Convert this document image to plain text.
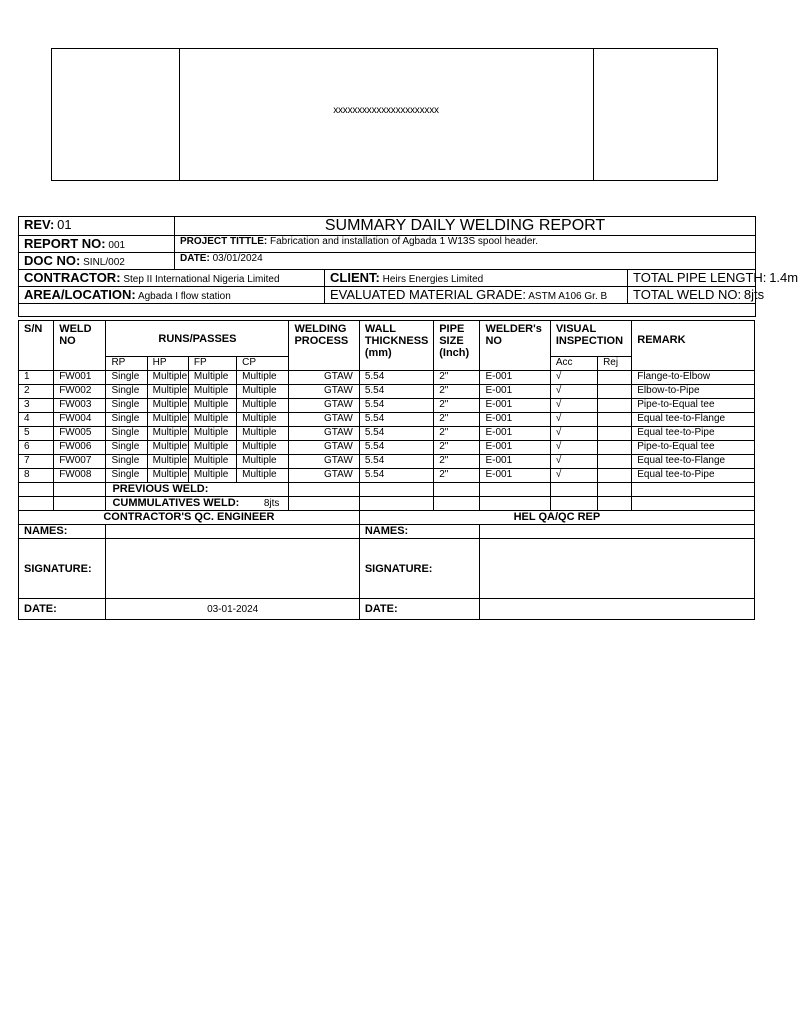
xxxxxxxxxxxxxxxxxxxxxx
REV: 01	SUMMARY DAILY WELDING REPORT		
REPORT NO: 001	PROJECT TITTLE: Fabrication and installation of Agbada 1 W13S spool header.		
DOC NO: SINL/002	DATE: 03/01/2024		
CONTRACTOR: Step II International Nigeria Limited		CLIENT: Heirs Energies Limited	TOTAL PIPE LENGTH: 1.4m
AREA/LOCATION: Agbada I flow station		EVALUATED MATERIAL GRADE: ASTM A106 Gr. B	TOTAL WELD NO: 8jts

S/N	WELD NO	RUNS/PASSES				WELDING PROCESS	WALL THICKNESS (mm)	PIPE SIZE (Inch)	WELDER's NO	VISUAL INSPECTION		REMARK
		RP	HP	FP	CP					Acc	Rej	
1	FW001	Single	Multiple	Multiple	Multiple	GTAW	5.54	2"	E-001	√		Flange-to-Elbow
2	FW002	Single	Multiple	Multiple	Multiple	GTAW	5.54	2"	E-001	√		Elbow-to-Pipe
3	FW003	Single	Multiple	Multiple	Multiple	GTAW	5.54	2"	E-001	√		Pipe-to-Equal tee
4	FW004	Single	Multiple	Multiple	Multiple	GTAW	5.54	2"	E-001	√		Equal tee-to-Flange
5	FW005	Single	Multiple	Multiple	Multiple	GTAW	5.54	2"	E-001	√		Equal tee-to-Pipe
6	FW006	Single	Multiple	Multiple	Multiple	GTAW	5.54	2"	E-001	√		Pipe-to-Equal tee
7	FW007	Single	Multiple	Multiple	Multiple	GTAW	5.54	2"	E-001	√		Equal tee-to-Flange
8	FW008	Single	Multiple	Multiple	Multiple	GTAW	5.54	2"	E-001	√		Equal tee-to-Pipe
		PREVIOUS WELD:										
		CUMMULATIVES WELD: 8jts										
CONTRACTOR'S QC. ENGINEER							HEL QA/QC REP					
NAMES:							NAMES:					
SIGNATURE:							SIGNATURE:					
DATE:		03-01-2024					DATE:					
